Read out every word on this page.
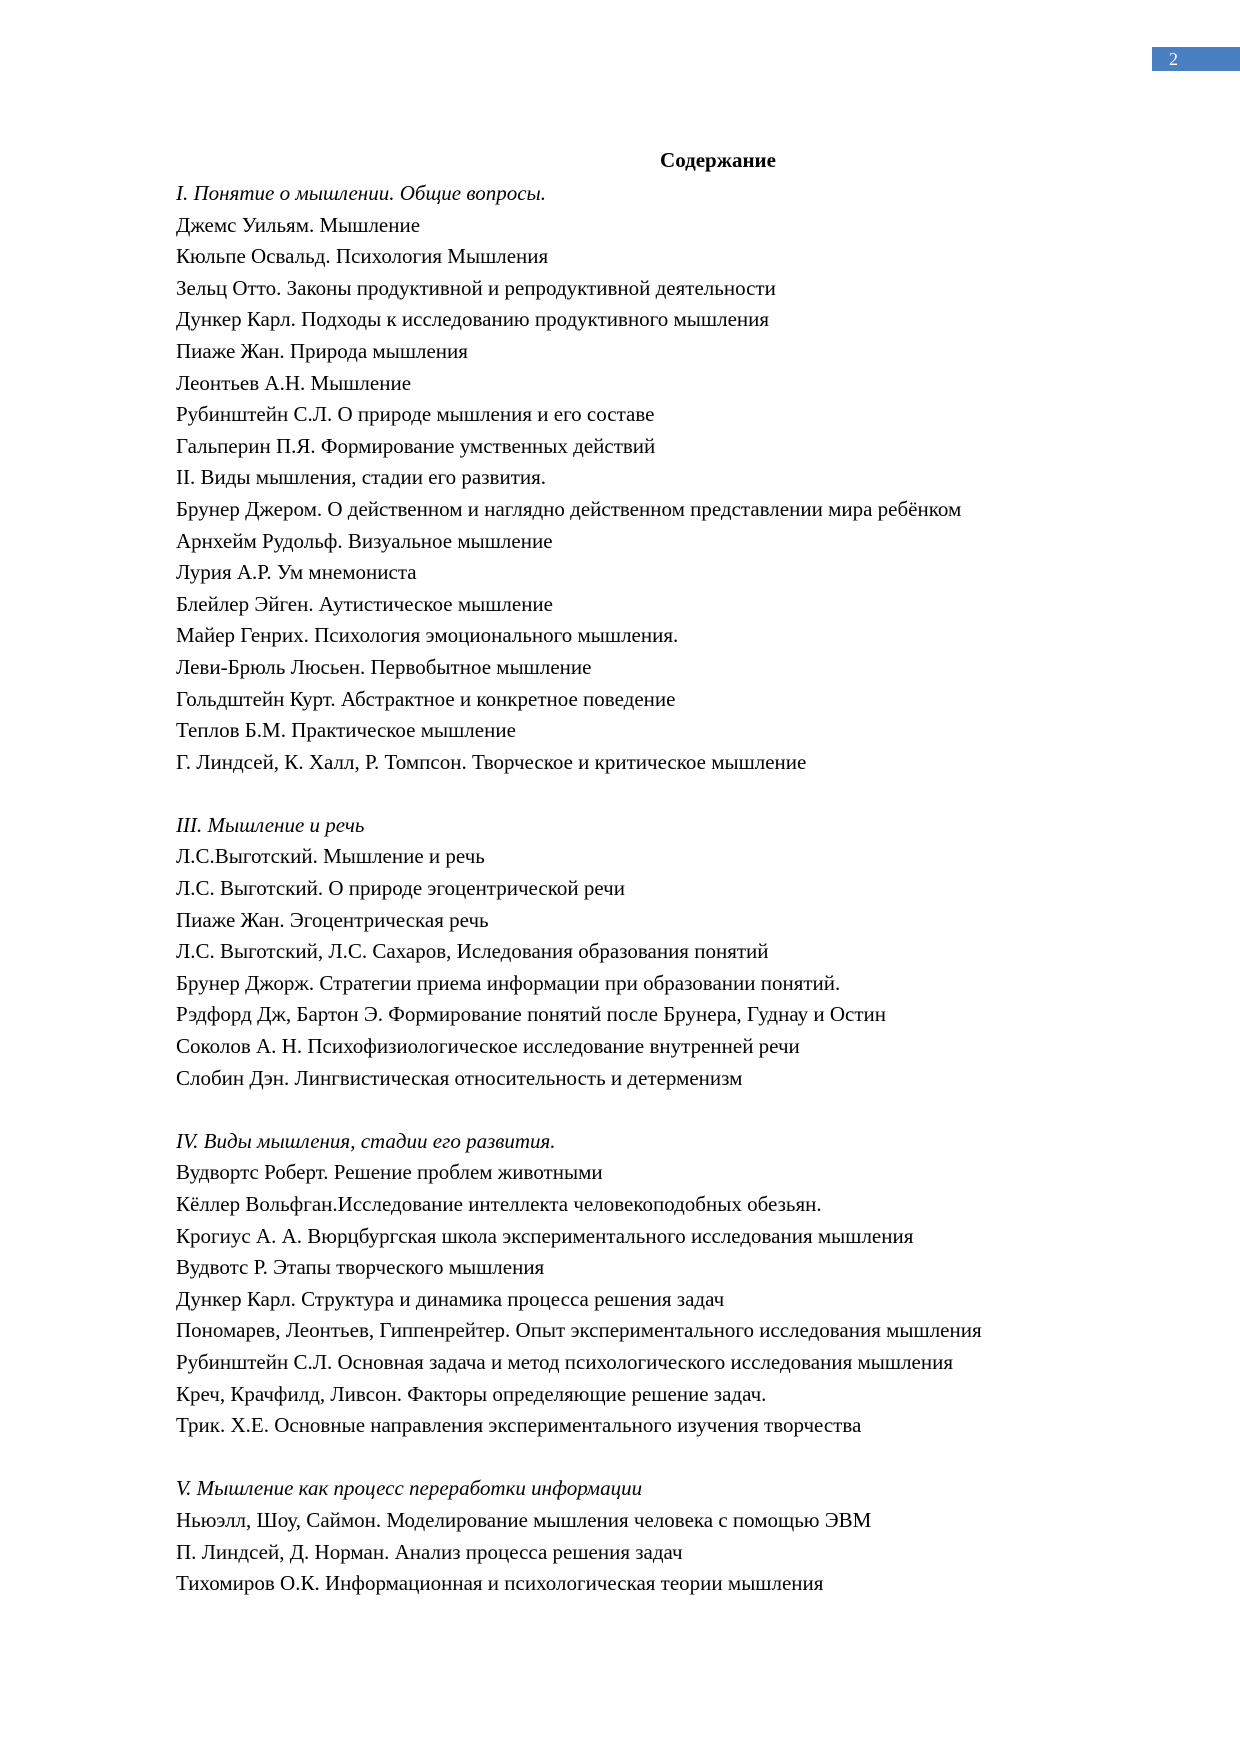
2
Содержание
I. Понятие о мышлении. Общие вопросы.
Джемс Уильям. Мышление
Кюльпе Освальд. Психология Мышления
Зельц Отто. Законы продуктивной и репродуктивной деятельности
Дункер Карл. Подходы к исследованию продуктивного мышления
Пиаже Жан. Природа мышления
Леонтьев А.Н. Мышление
Рубинштейн С.Л. О природе мышления и его составе
Гальперин П.Я. Формирование умственных действий
II. Виды мышления, стадии его развития.
Брунер Джером. О действенном и наглядно действенном представлении мира ребёнком
Арнхейм Рудольф. Визуальное мышление
Лурия А.Р. Ум мнемониста
Блейлер Эйген. Аутистическое мышление
Майер Генрих. Психология эмоционального мышления.
Леви-Брюль Люсьен. Первобытное мышление
Гольдштейн Курт. Абстрактное и конкретное поведение
Теплов Б.М. Практическое мышление
Г. Линдсей, К. Халл, Р. Томпсон. Творческое и критическое мышление
III. Мышление и речь
Л.С.Выготский. Мышление и речь
Л.С. Выготский. О природе эгоцентрической речи
Пиаже Жан. Эгоцентрическая речь
Л.С. Выготский, Л.С. Сахаров, Иследования образования понятий
Брунер Джорж. Стратегии приема информации при образовании понятий.
Рэдфорд Дж, Бартон Э. Формирование понятий после Брунера, Гуднау и Остин
Соколов А. Н. Психофизиологическое исследование внутренней речи
Слобин Дэн. Лингвистическая относительность и детерменизм
IV. Виды мышления, стадии его развития.
Вудвортс Роберт. Решение проблем животными
Кёллер Вольфган.Исследование интеллекта человекоподобных обезьян.
Крогиус А. А. Вюрцбургская школа экспериментального исследования мышления
Вудвотс Р. Этапы творческого мышления
Дункер Карл. Структура и динамика процесса решения задач
Пономарев, Леонтьев, Гиппенрейтер. Опыт экспериментального исследования мышления
Рубинштейн С.Л. Основная задача и метод психологического исследования мышления
Креч, Крачфилд, Ливсон. Факторы определяющие решение задач.
Трик. Х.Е. Основные направления экспериментального изучения творчества
V. Мышление как процесс переработки информации
Ньюэлл, Шоу, Саймон. Моделирование мышления человека с помощью ЭВМ
П. Линдсей, Д. Норман. Анализ процесса решения задач
Тихомиров О.К. Информационная и психологическая теории мышления
